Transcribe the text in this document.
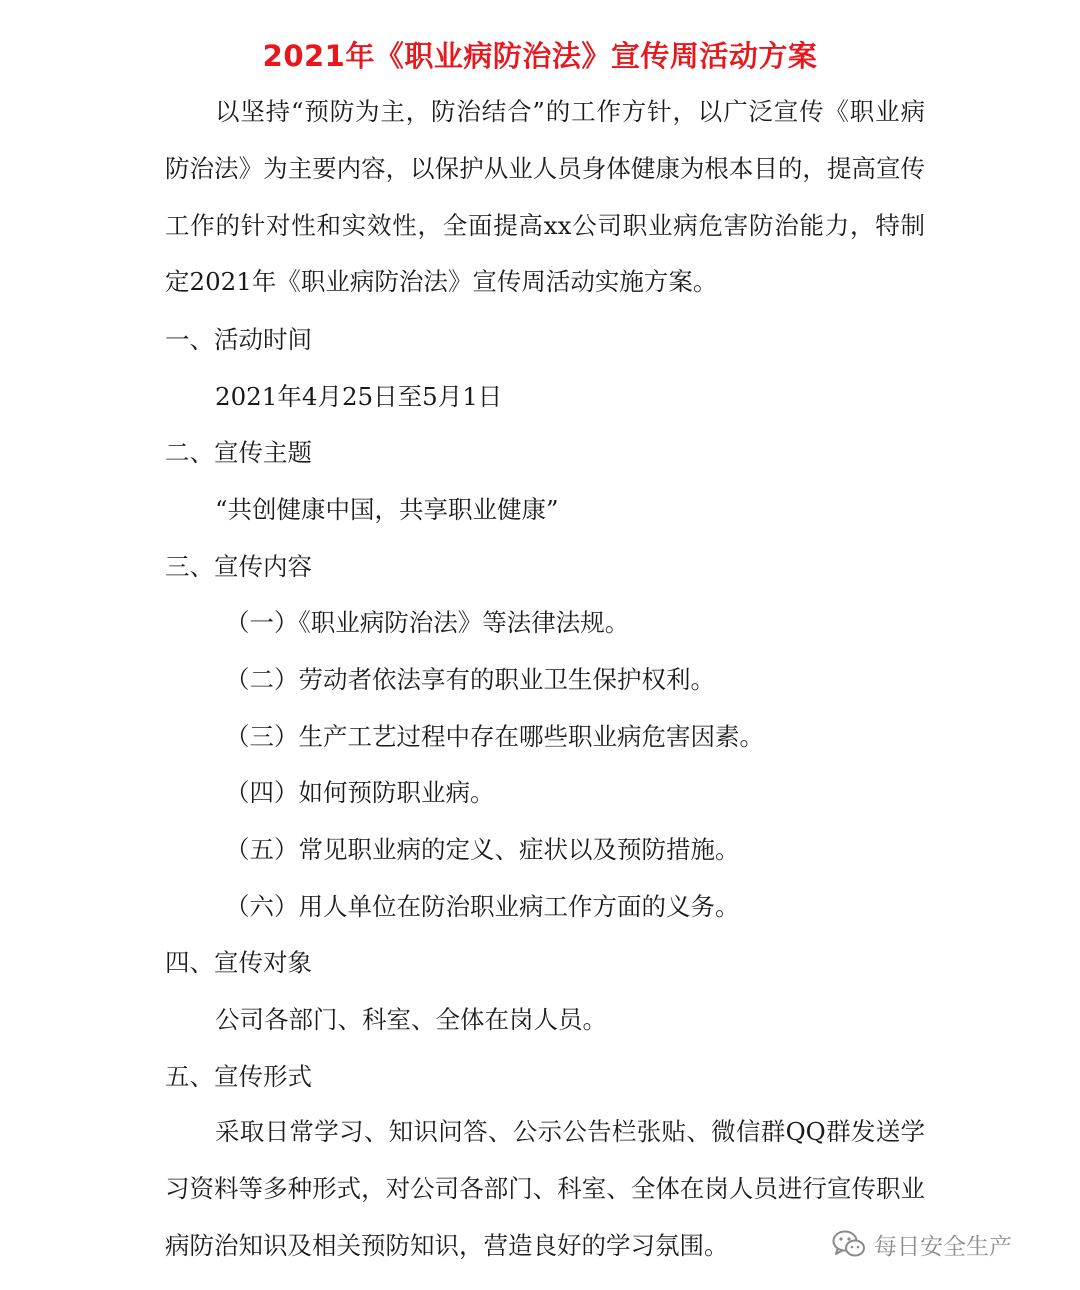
2021年《职业病防治法》宣传周活动方案

以坚持“预防为主，防治结合”的工作方针，以广泛宣传《职业病防治法》为主要内容，以保护从业人员身体健康为根本目的，提高宣传工作的针对性和实效性，全面提高xx公司职业病危害防治能力，特制定2021年《职业病防治法》宣传周活动实施方案。

一、活动时间

2021年4月25日至5月1日

二、宣传主题

“共创健康中国，共享职业健康”

三、宣传内容

（一）《职业病防治法》等法律法规。

（二）劳动者依法享有的职业卫生保护权利。

（三）生产工艺过程中存在哪些职业病危害因素。

（四）如何预防职业病。

（五）常见职业病的定义、症状以及预防措施。

（六）用人单位在防治职业病工作方面的义务。

四、宣传对象

公司各部门、科室、全体在岗人员。

五、宣传形式

采取日常学习、知识问答、公示公告栏张贴、微信群QQ群发送学习资料等多种形式，对公司各部门、科室、全体在岗人员进行宣传职业病防治知识及相关预防知识，营造良好的学习氛围。	每日安全生产
